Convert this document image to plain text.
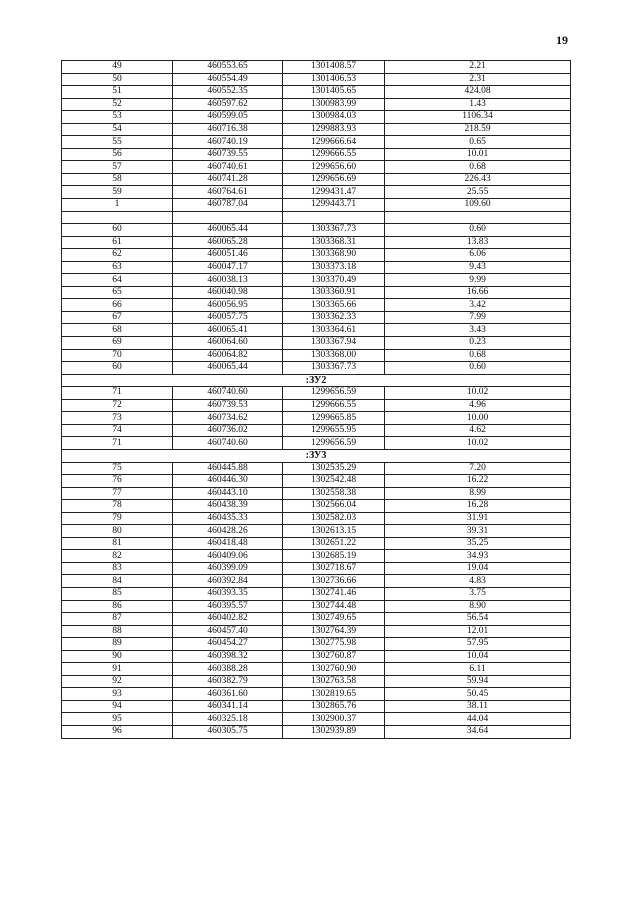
19
49	460553.65	1301408.57	2.21
50	460554.49	1301406.53	2.31
51	460552.35	1301405.65	424.08
52	460597.62	1300983.99	1.43
53	460599.05	1300984.03	1106.34
54	460716.38	1299883.93	218.59
55	460740.19	1299666.64	0.65
56	460739.55	1299666.55	10.01
57	460740.61	1299656.60	0.68
58	460741.28	1299656.69	226.43
59	460764.61	1299431.47	25.55
1	460787.04	1299443.71	109.60

60	460065.44	1303367.73	0.60
61	460065.28	1303368.31	13.83
62	460051.46	1303368.90	6.06
63	460047.17	1303373.18	9.43
64	460038.13	1303370.49	9.99
65	460040.98	1303360.91	16.66
66	460056.95	1303365.66	3.42
67	460057.75	1303362.33	7.99
68	460065.41	1303364.61	3.43
69	460064.60	1303367.94	0.23
70	460064.82	1303368.00	0.68
60	460065.44	1303367.73	0.60
:ЗУ2			
71	460740.60	1299656.59	10.02
72	460739.53	1299666.55	4.96
73	460734.62	1299665.85	10.00
74	460736.02	1299655.95	4.62
71	460740.60	1299656.59	10.02
:ЗУ3			
75	460445.88	1302535.29	7.20
76	460446.30	1302542.48	16.22
77	460443.10	1302558.38	8.99
78	460438.39	1302566.04	16.28
79	460435.33	1302582.03	31.91
80	460428.26	1302613.15	39.31
81	460418.48	1302651.22	35.25
82	460409.06	1302685.19	34.93
83	460399.09	1302718.67	19.04
84	460392.84	1302736.66	4.83
85	460393.35	1302741.46	3.75
86	460395.57	1302744.48	8.90
87	460402.82	1302749.65	56.54
88	460457.40	1302764.39	12.01
89	460454.27	1302775.98	57.95
90	460398.32	1302760.87	10.04
91	460388.28	1302760.90	6.11
92	460382.79	1302763.58	59.94
93	460361.60	1302819.65	50.45
94	460341.14	1302865.76	38.11
95	460325.18	1302900.37	44.04
96	460305.75	1302939.89	34.64
